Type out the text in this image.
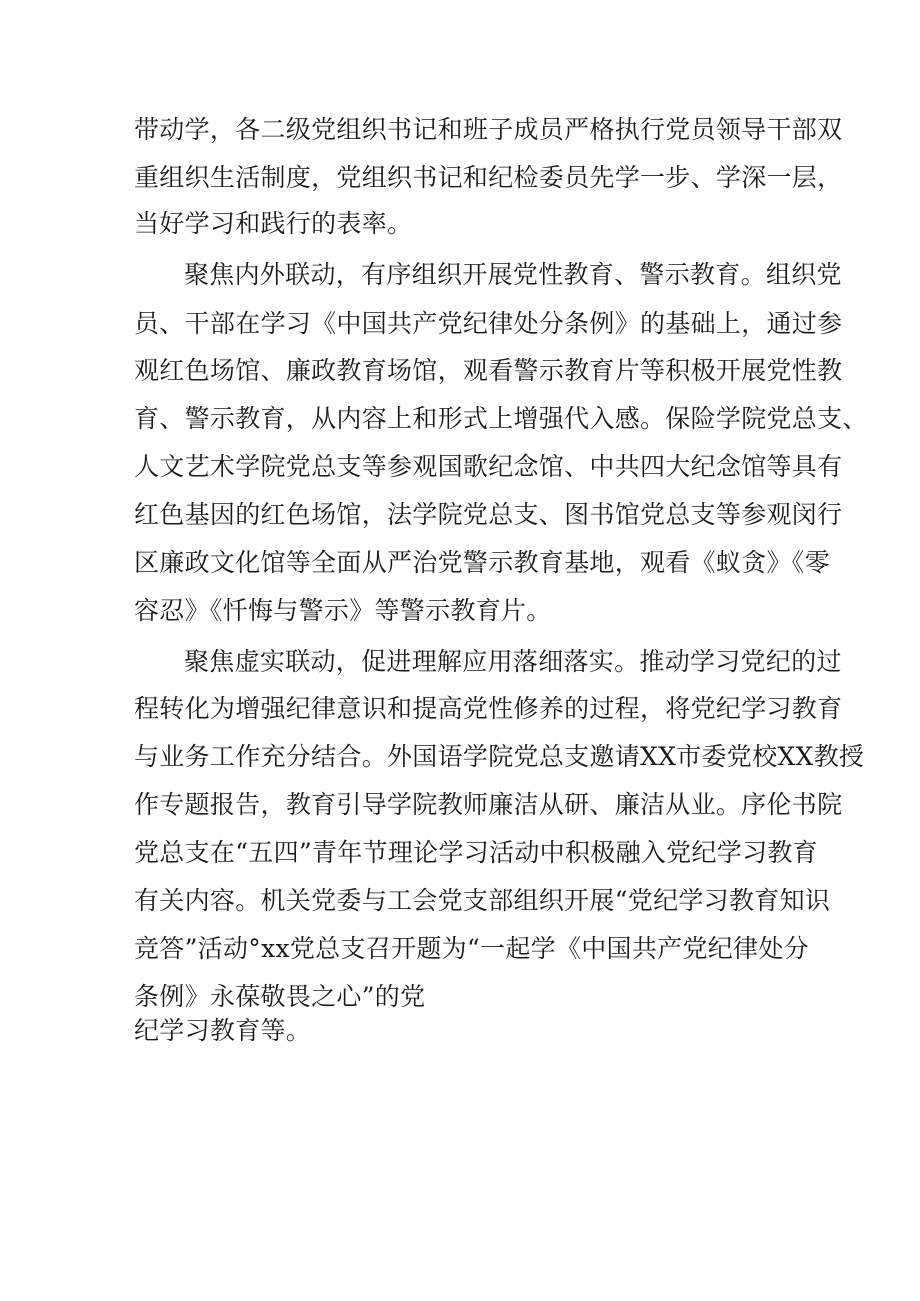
带动学，各二级党组织书记和班子成员严格执行党员领导干部双
重组织生活制度，党组织书记和纪检委员先学一步、学深一层，
当好学习和践行的表率。
聚焦内外联动，有序组织开展党性教育、警示教育。组织党
员、干部在学习《中国共产党纪律处分条例》的基础上，通过参
观红色场馆、廉政教育场馆，观看警示教育片等积极开展党性教
育、警示教育，从内容上和形式上增强代入感。保险学院党总支、
人文艺术学院党总支等参观国歌纪念馆、中共四大纪念馆等具有
红色基因的红色场馆，法学院党总支、图书馆党总支等参观闵行
区廉政文化馆等全面从严治党警示教育基地，观看《蚁贪》《零
容忍》《忏悔与警示》等警示教育片。
聚焦虚实联动，促进理解应用落细落实。推动学习党纪的过
程转化为增强纪律意识和提高党性修养的过程，将党纪学习教育
与业务工作充分结合。外国语学院党总支邀请XX市委党校XX教授
作专题报告，教育引导学院教师廉洁从研、廉洁从业。序伦书院
党总支在“五四”青年节理论学习活动中积极融入党纪学习教育
有关内容。机关党委与工会党支部组织开展“党纪学习教育知识
竞答”活动°xx党总支召开题为“一起学《中国共产党纪律处分
条例》永葆敬畏之心”的党
纪学习教育等。
